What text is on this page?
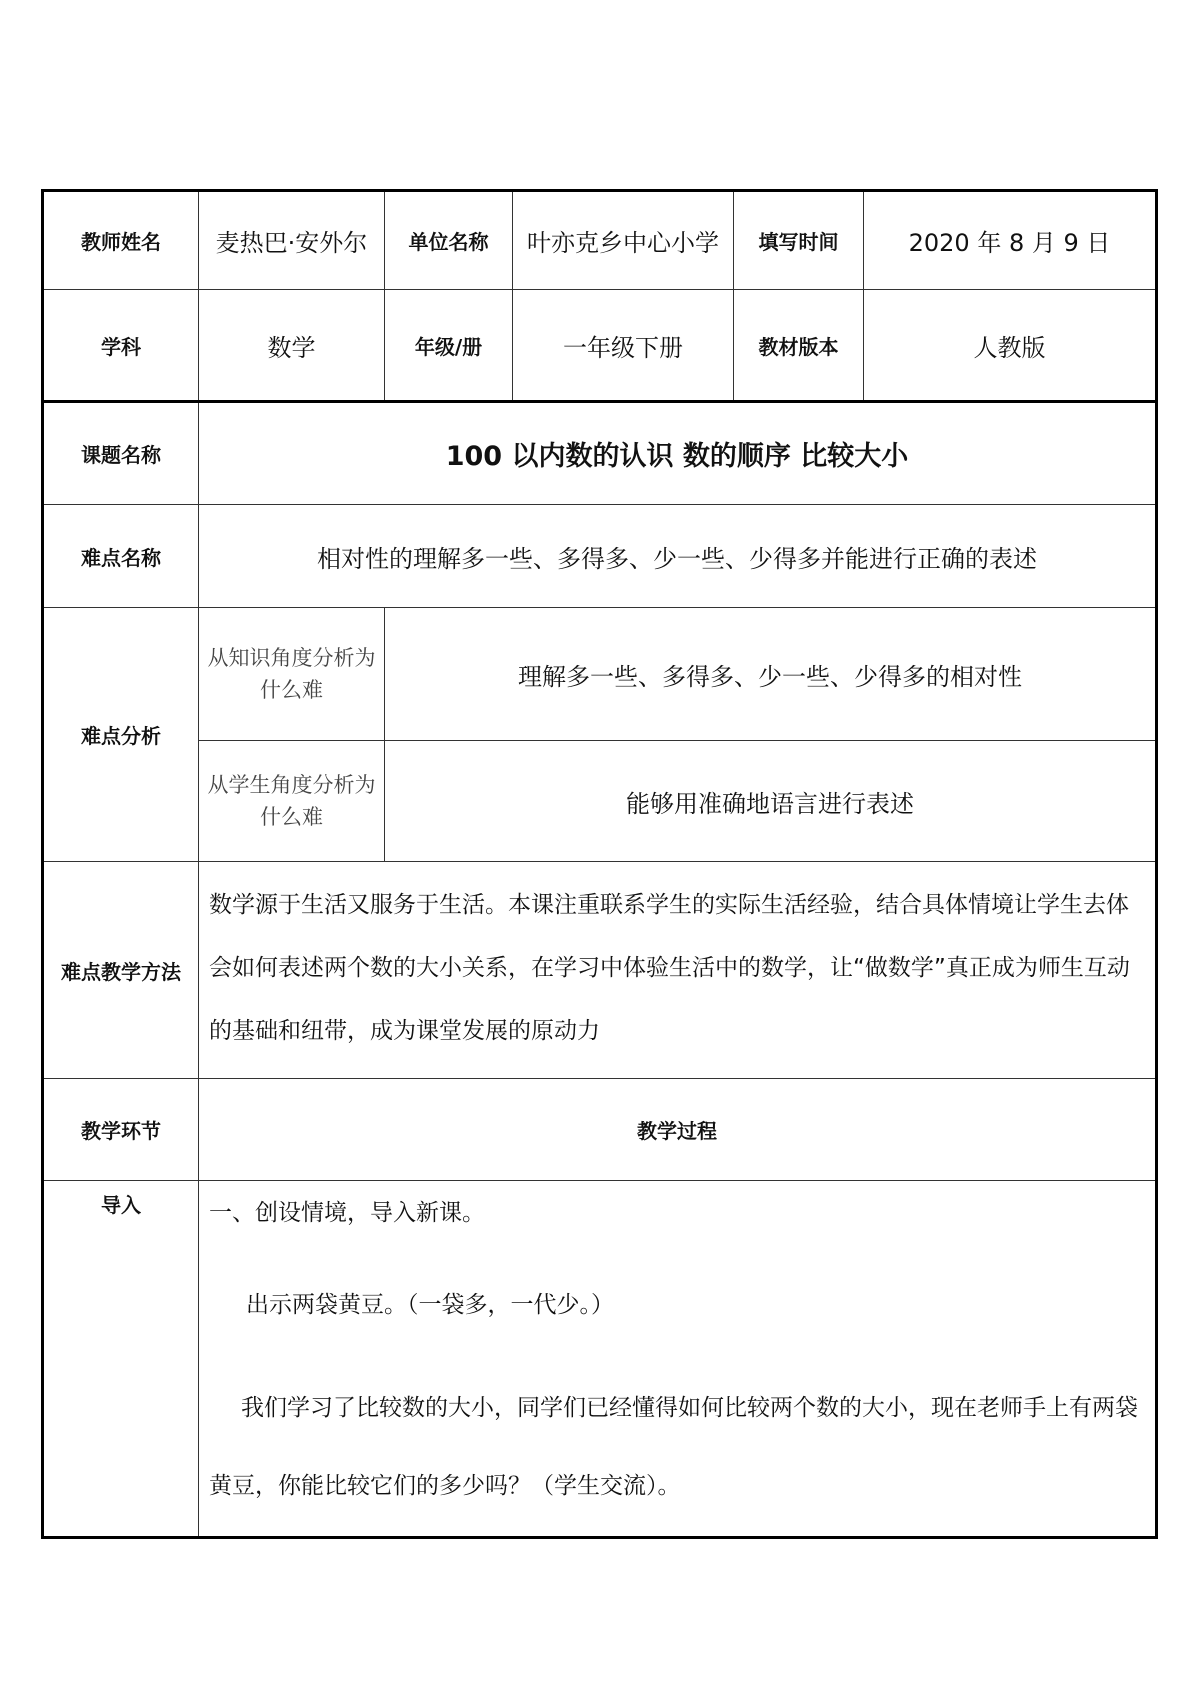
教师姓名	麦热巴·安外尔	单位名称	叶亦克乡中心小学	填写时间	2020 年 8 月 9 日
学科	数学	年级/册	一年级下册	教材版本	人教版
课题名称	100 以内数的认识 数的顺序 比较大小				
难点名称	相对性的理解多一些、多得多、少一些、少得多并能进行正确的表述				
难点分析	从知识角度分析为什么难	理解多一些、多得多、少一些、少得多的相对性			
	从学生角度分析为什么难	能够用准确地语言进行表述			
难点教学方法	数学源于生活又服务于生活。本课注重联系学生的实际生活经验，结合具体情境让学生去体会如何表述两个数的大小关系，在学习中体验生活中的数学，让“做数学”真正成为师生互动的基础和纽带，成为课堂发展的原动力				
教学环节	教学过程				
导入	一、创设情境，导入新课。

出示两袋黄豆。（一袋多，一代少。）

我们学习了比较数的大小，同学们已经懂得如何比较两个数的大小，现在老师手上有两袋黄豆，你能比较它们的多少吗？（学生交流）。				
